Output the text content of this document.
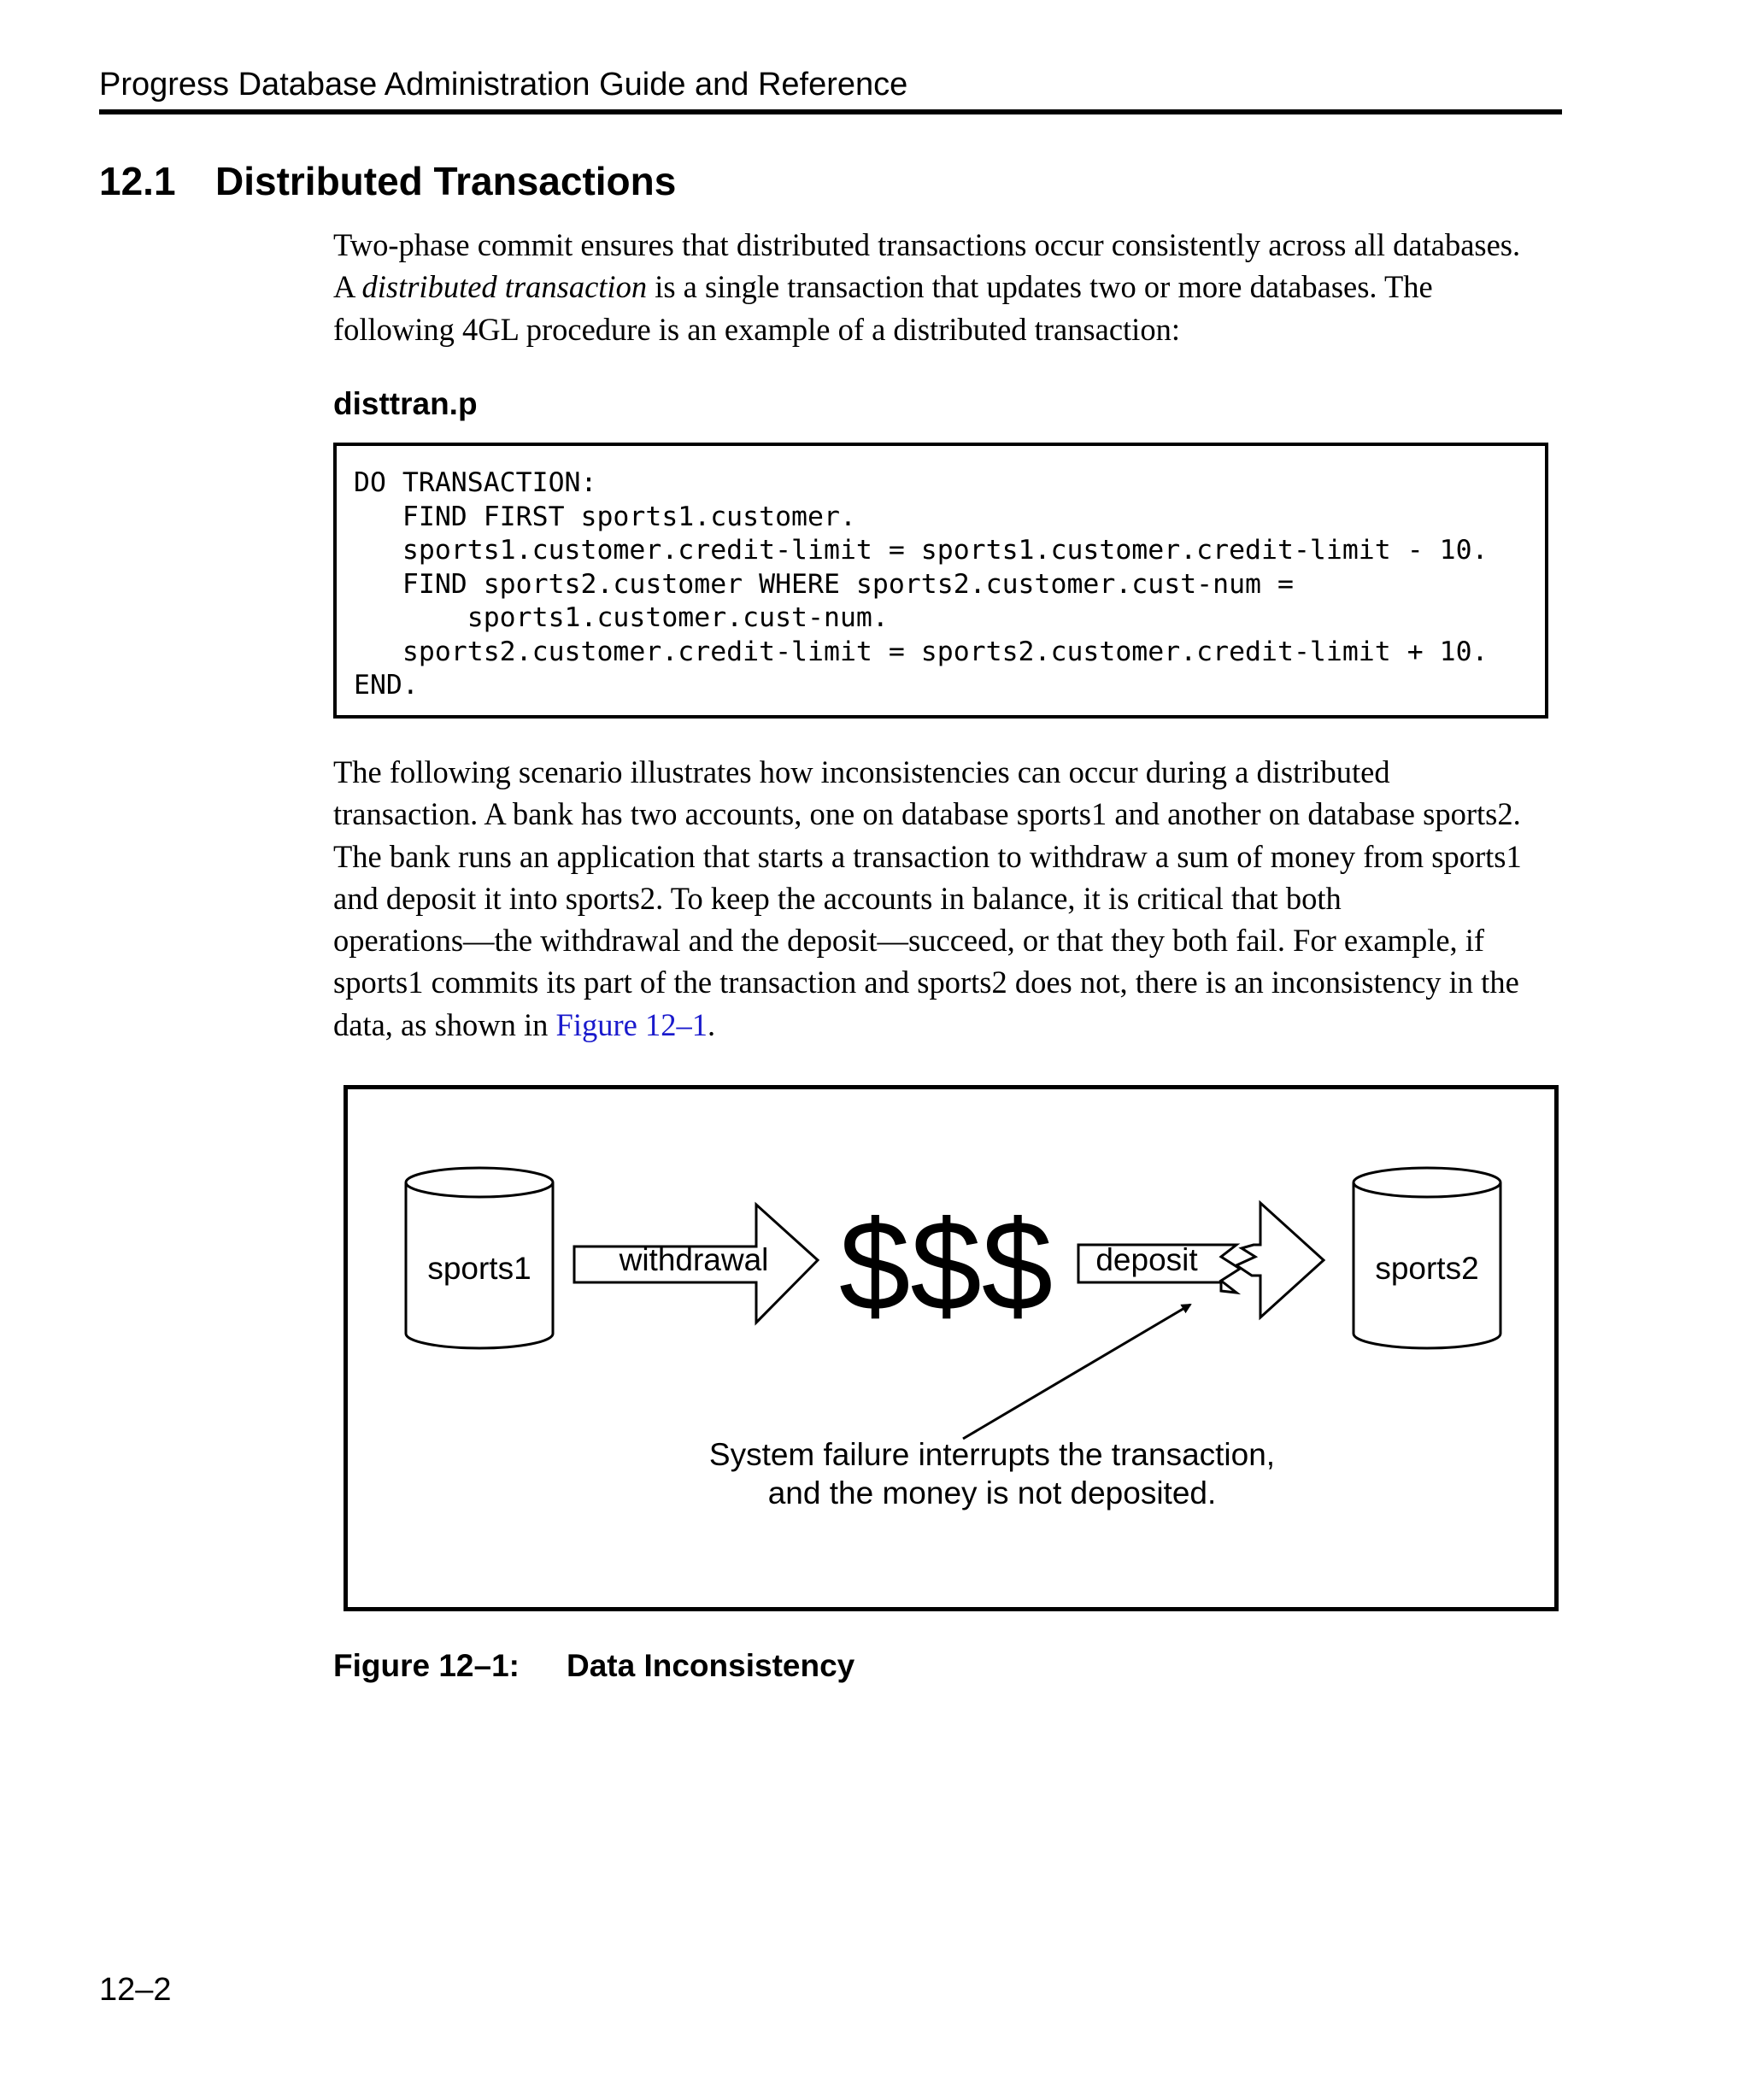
Progress Database Administration Guide and Reference
12.1 Distributed Transactions
Two-phase commit ensures that distributed transactions occur consistently across all databases.
A distributed transaction is a single transaction that updates two or more databases. The
following 4GL procedure is an example of a distributed transaction:
disttran.p
DO TRANSACTION:
FIND FIRST sports1.customer.
sports1.customer.credit-limit = sports1.customer.credit-limit - 10.
FIND sports2.customer WHERE sports2.customer.cust-num =
sports1.customer.cust-num.
sports2.customer.credit-limit = sports2.customer.credit-limit + 10.
END.
The following scenario illustrates how inconsistencies can occur during a distributed
transaction. A bank has two accounts, one on database sports1 and another on database sports2.
The bank runs an application that starts a transaction to withdraw a sum of money from sports1
and deposit it into sports2. To keep the accounts in balance, it is critical that both
operations—the withdrawal and the deposit—succeed, or that they both fail. For example, if
sports1 commits its part of the transaction and sports2 does not, there is an inconsistency in the
data, as shown in Figure 12–1.
sports1	withdrawal $$$ deposit	sports2
System failure interrupts the transaction,
and the money is not deposited.
Figure 12–1: Data Inconsistency
12–2
